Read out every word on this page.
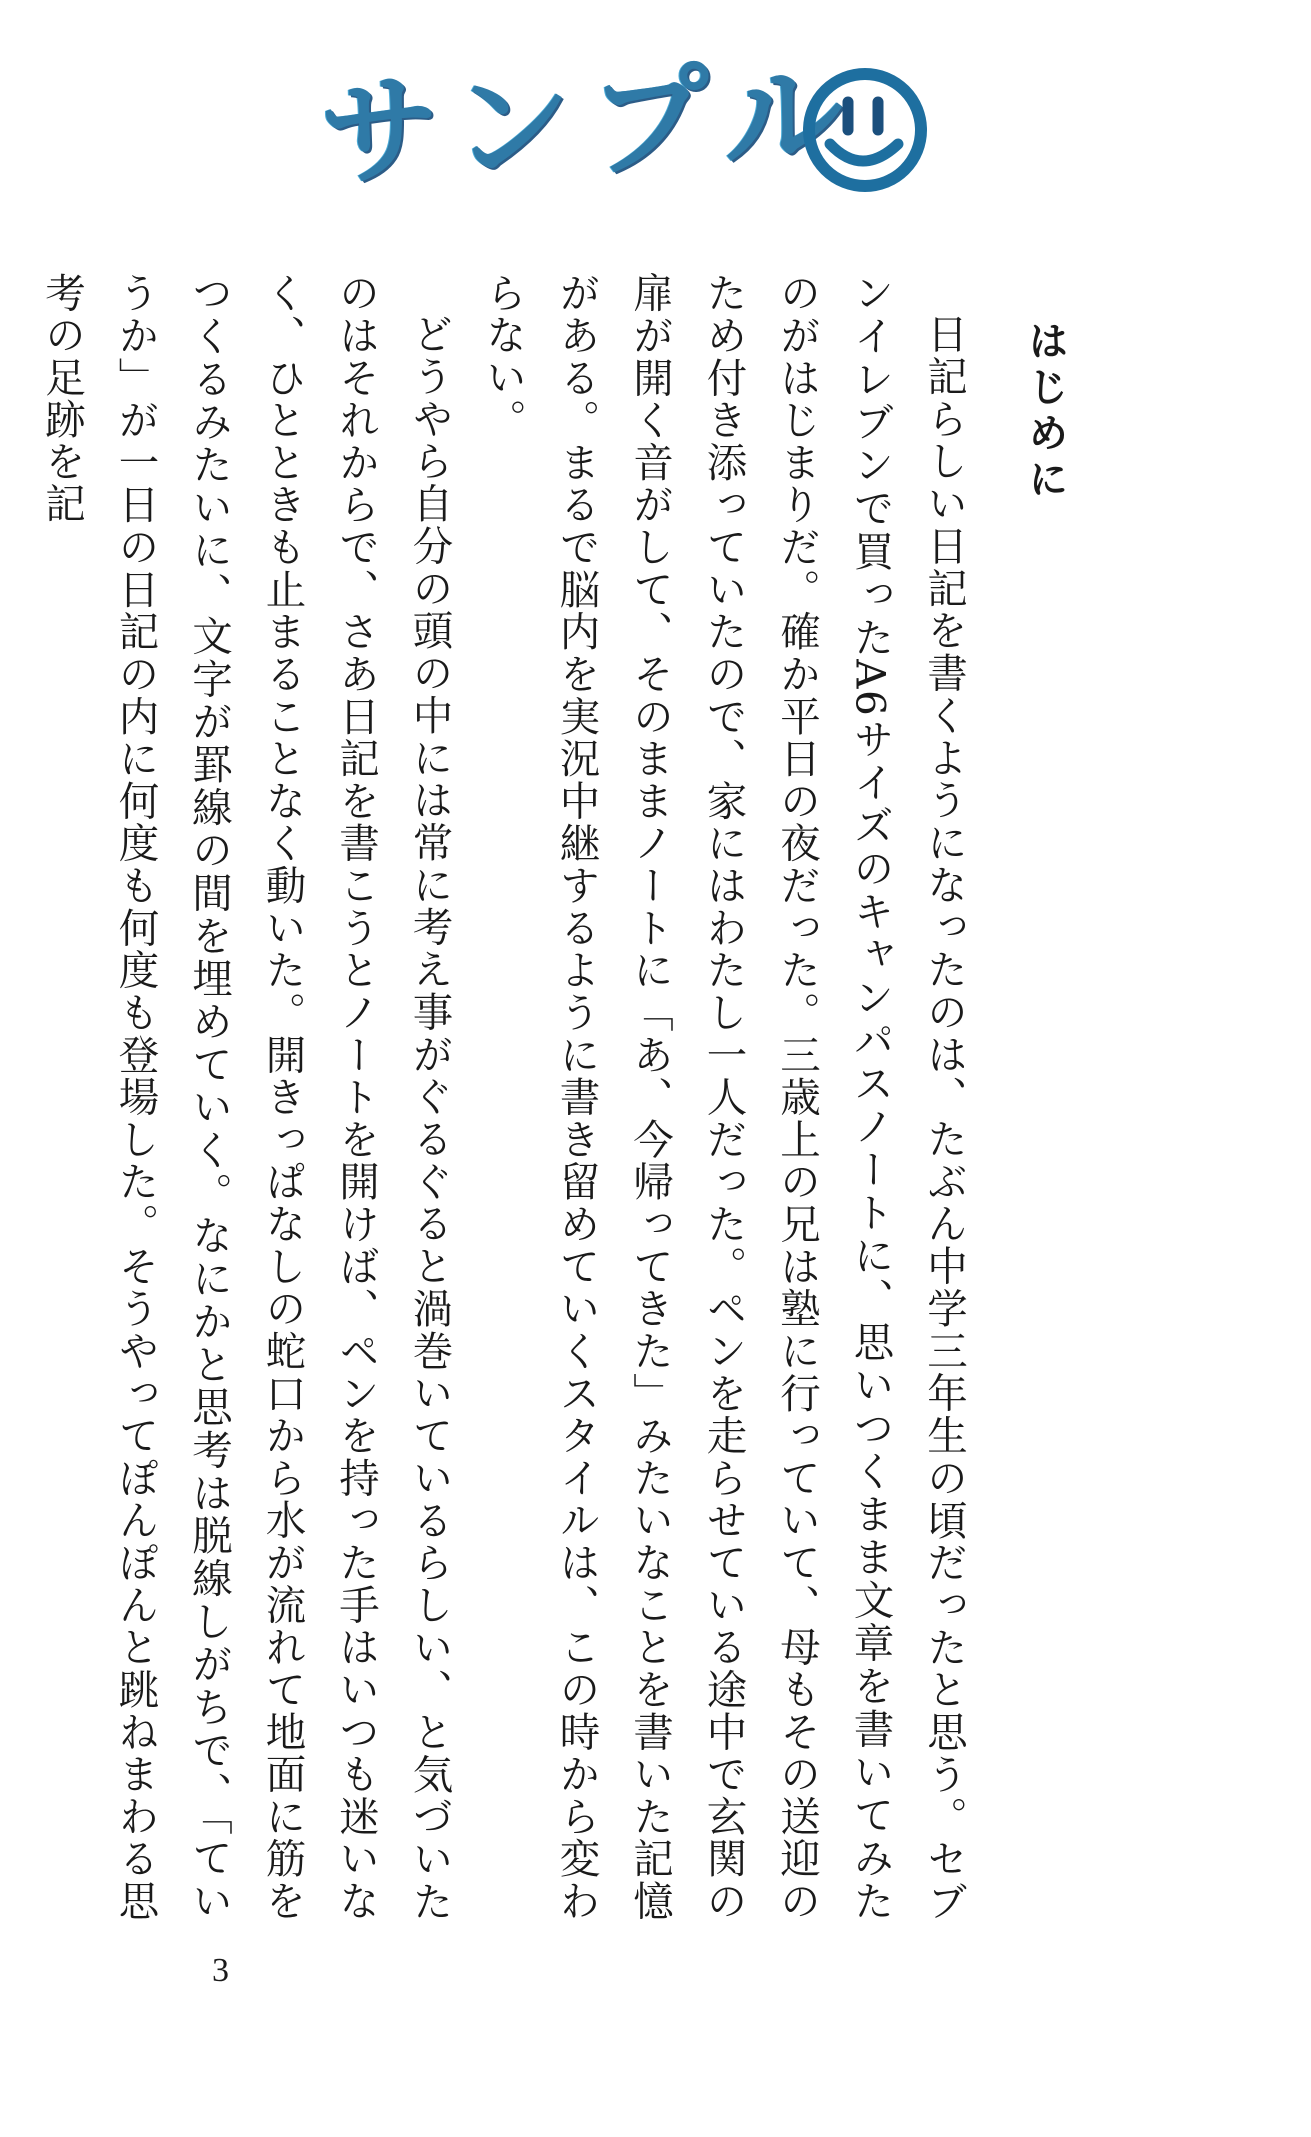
サンプル
はじめに

日記らしい日記を書くようになったのは、たぶん中学三年生の頃だったと思う。セブンイレブンで買ったA6サイズのキャンパスノートに、思いつくまま文章を書いてみたのがはじまりだ。確か平日の夜だった。三歳上の兄は塾に行っていて、母もその送迎のため付き添っていたので、家にはわたし一人だった。ペンを走らせている途中で玄関の扉が開く音がして、そのままノートに「あ、今帰ってきた」みたいなことを書いた記憶がある。まるで脳内を実況中継するように書き留めていくスタイルは、この時から変わらない。

どうやら自分の頭の中には常に考え事がぐるぐると渦巻いているらしい、と気づいたのはそれからで、さあ日記を書こうとノートを開けば、ペンを持った手はいつも迷いなく、ひとときも止まることなく動いた。開きっぱなしの蛇口から水が流れて地面に筋をつくるみたいに、文字が罫線の間を埋めていく。なにかと思考は脱線しがちで、「ていうか」が一日の日記の内に何度も何度も登場した。そうやってぽんぽんと跳ねまわる思考の足跡を記

3
